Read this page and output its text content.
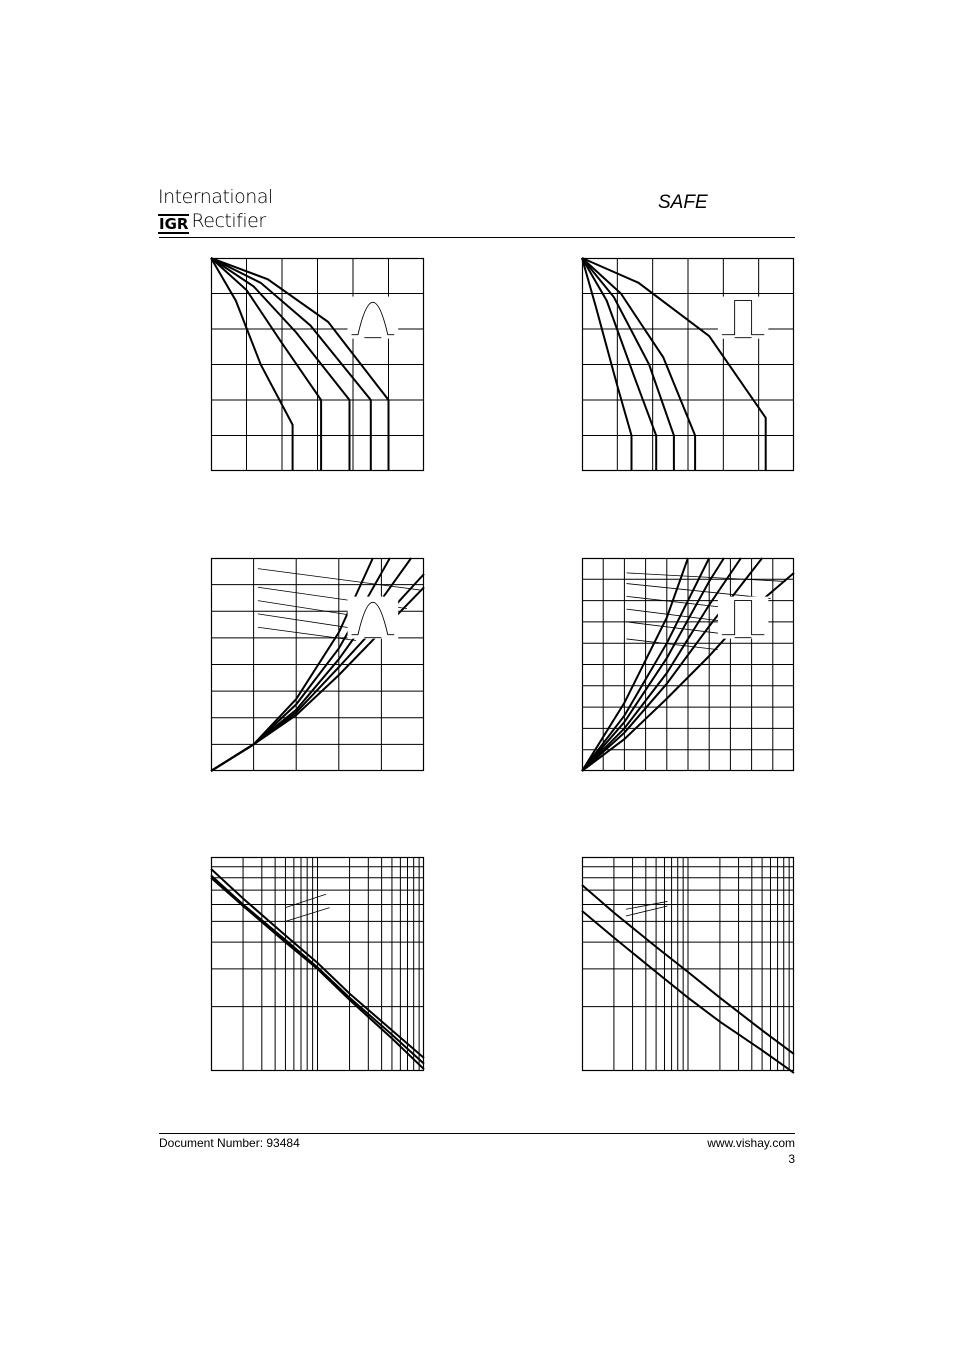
International
IGR Rectifier
SAFE
Document Number: 93484	www.vishay.com
3
